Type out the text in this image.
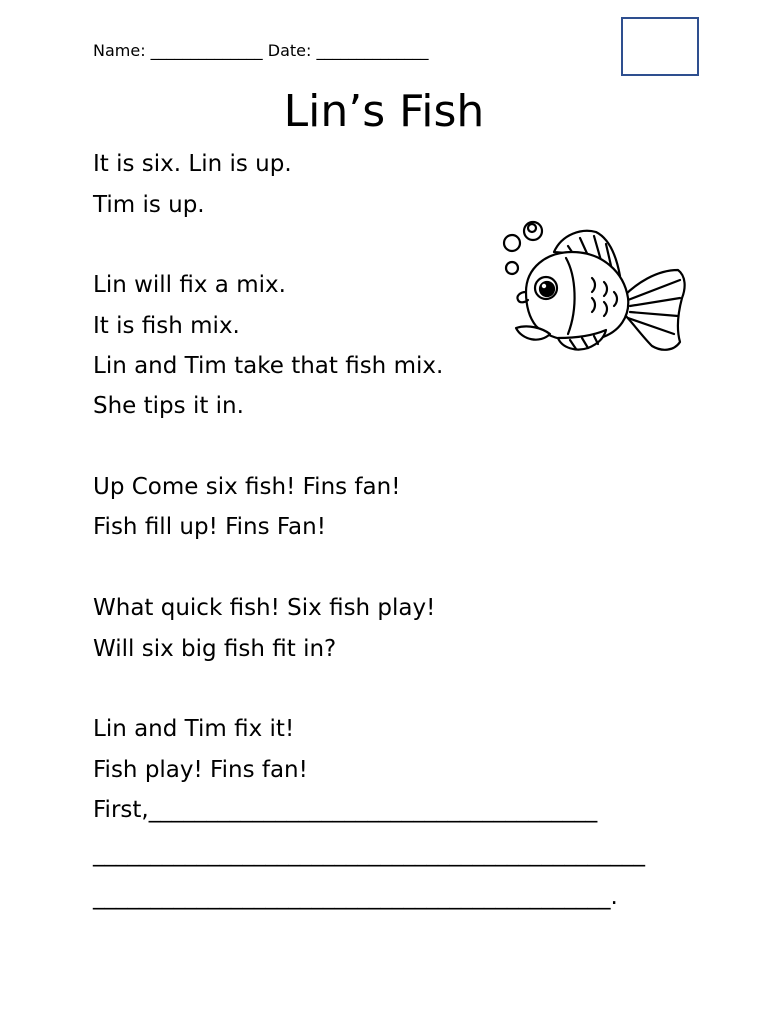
Name: ______________ Date: ______________
Lin’s Fish
It is six. Lin is up.
Tim is up.
Lin will fix a mix.
It is fish mix.
Lin and Tim take that fish mix.
She tips it in.
Up Come six fish! Fins fan!
Fish fill up! Fins Fan!
What quick fish! Six fish play!
Will six big fish fit in?
Lin and Tim fix it!
Fish play! Fins fan!
First,_______________________________________
________________________________________________
_____________________________________________.
